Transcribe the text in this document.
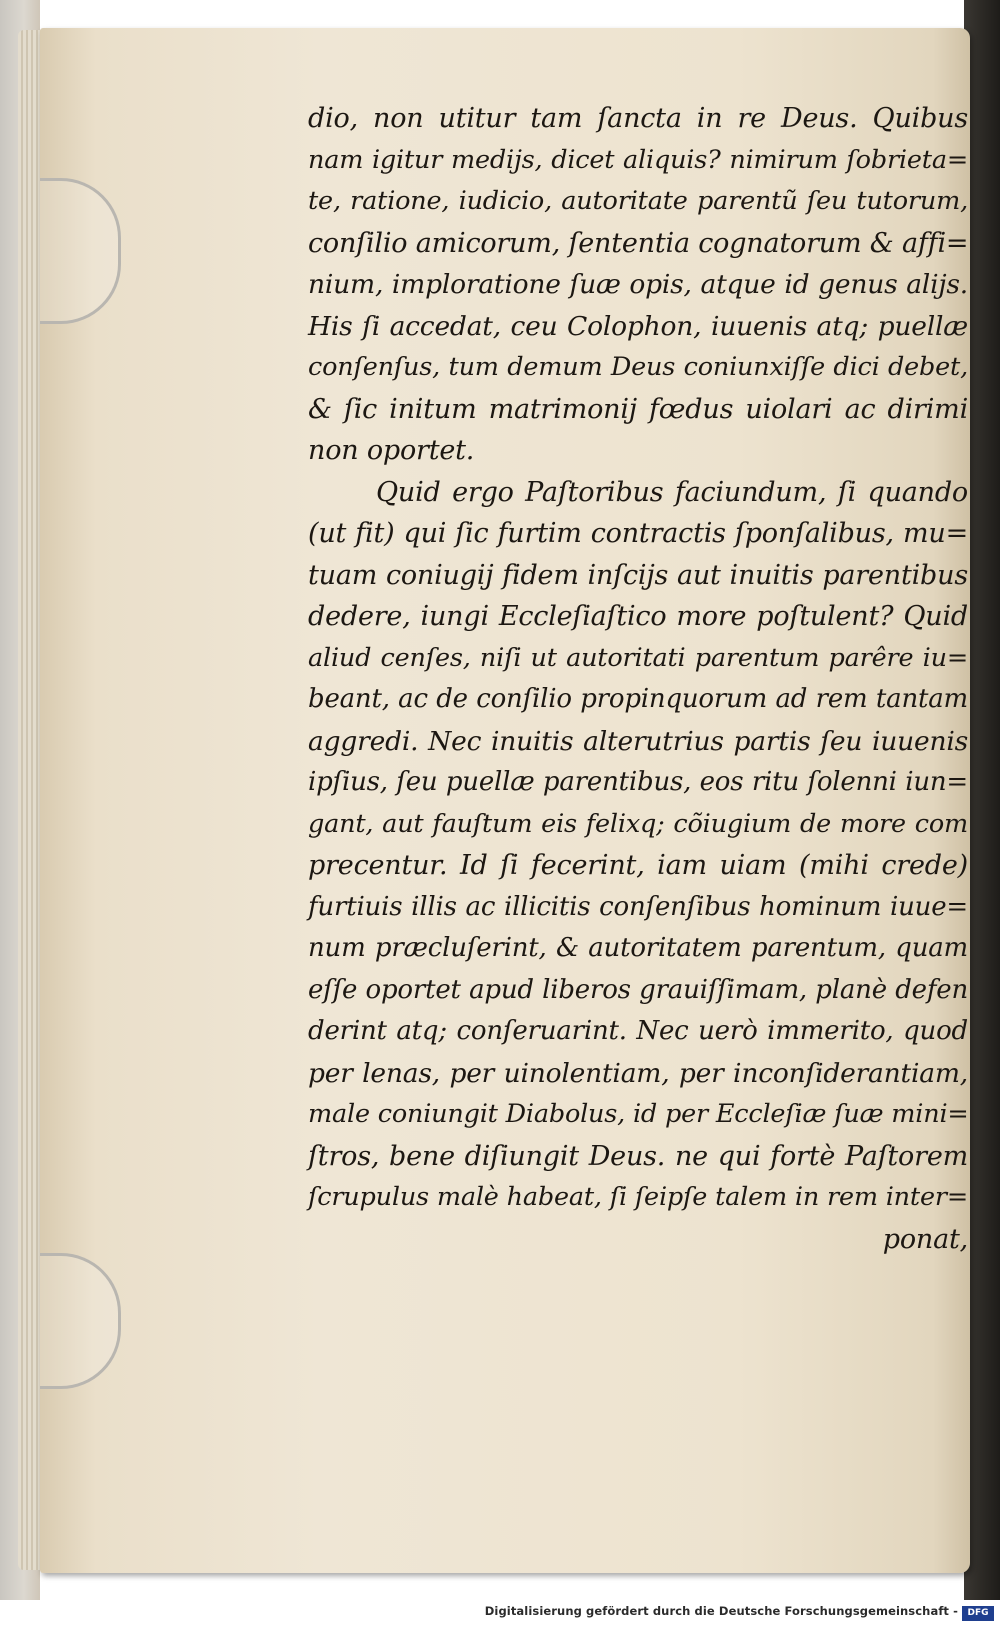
dio, non utitur tam ſancta in re Deus. Quibus
nam igitur medijs, dicet aliquis? nimirum ſobrieta=
te, ratione, iudicio, autoritate parentũ ſeu tutorum,
conſilio amicorum, ſententia cognatorum & affi=
nium, imploratione ſuæ opis, atque id genus alijs.
His ſi accedat, ceu Colophon, iuuenis atq; puellæ
conſenſus, tum demum Deus coniunxiſſe dici debet,
& ſic initum matrimonij fœdus uiolari ac dirimi
non oportet.
Quid ergo Paſtoribus faciundum, ſi quando
(ut fit) qui ſic furtim contractis ſponſalibus, mu=
tuam coniugij fidem inſcijs aut inuitis parentibus
dedere, iungi Eccleſiaſtico more poſtulent? Quid
aliud cenſes, niſi ut autoritati parentum parêre iu=
beant, ac de conſilio propinquorum ad rem tantam
aggredi. Nec inuitis alterutrius partis ſeu iuuenis
ipſius, ſeu puellæ parentibus, eos ritu ſolenni iun=
gant, aut fauſtum eis felixq; cõiugium de more com
precentur. Id ſi fecerint, iam uiam (mihi crede)
furtiuis illis ac illicitis conſenſibus hominum iuue=
num præcluſerint, & autoritatem parentum, quam
eſſe oportet apud liberos grauiſſimam, planè defen
derint atq; conſeruarint. Nec uerò immerito, quod
per lenas, per uinolentiam, per inconſiderantiam,
male coniungit Diabolus, id per Eccleſiæ ſuæ mini=
ſtros, bene diſiungit Deus. ne qui fortè Paſtorem
ſcrupulus malè habeat, ſi ſeipſe talem in rem inter=
ponat,
Digitalisierung gefördert durch die Deutsche Forschungsgemeinschaft -	DFG
